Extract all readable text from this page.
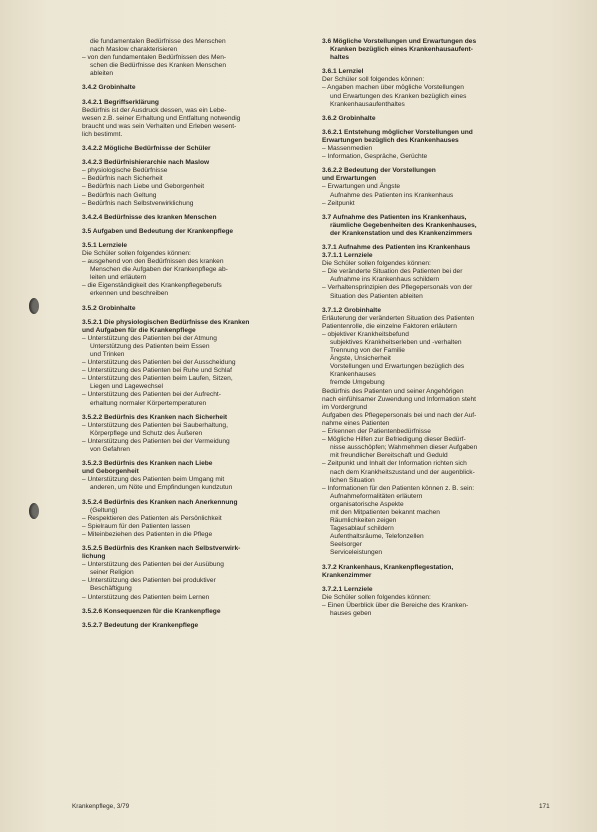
die fundamentalen Bedürfnisse des Menschen

nach Maslow charakterisieren

– von den fundamentalen Bedürfnissen des Men-

schen die Bedürfnisse des Kranken Menschen

ableiten

3.4.2 Grobinhalte

3.4.2.1 Begriffserklärung

Bedürfnis ist der Ausdruck dessen, was ein Lebe-

wesen z.B. seiner Erhaltung und Entfaltung notwendig

braucht und was sein Verhalten und Erleben wesent-

lich bestimmt.

3.4.2.2 Mögliche Bedürfnisse der Schüler

3.4.2.3 Bedürfnishierarchie nach Maslow

– physiologische Bedürfnisse

– Bedürfnis nach Sicherheit

– Bedürfnis nach Liebe und Geborgenheit

– Bedürfnis nach Geltung

– Bedürfnis nach Selbstverwirklichung

3.4.2.4 Bedürfnisse des kranken Menschen

3.5 Aufgaben und Bedeutung der Krankenpflege

3.5.1 Lernziele

Die Schüler sollen folgendes können:

– ausgehend von den Bedürfnissen des kranken

Menschen die Aufgaben der Krankenpflege ab-

leiten und erläutern

– die Eigenständigkeit des Krankenpflegeberufs

erkennen und beschreiben

3.5.2 Grobinhalte

3.5.2.1 Die physiologischen Bedürfnisse des Kranken

und Aufgaben für die Krankenpflege

– Unterstützung des Patienten bei der Atmung

Unterstützung des Patienten beim Essen

und Trinken

– Unterstützung des Patienten bei der Ausscheidung

– Unterstützung des Patienten bei Ruhe und Schlaf

– Unterstützung des Patienten beim Laufen, Sitzen,

Liegen und Lagewechsel

– Unterstützung des Patienten bei der Aufrecht-

erhaltung normaler Körpertemperaturen

3.5.2.2 Bedürfnis des Kranken nach Sicherheit

– Unterstützung des Patienten bei Sauberhaltung,

Körperpflege und Schutz des Äußeren

– Unterstützung des Patienten bei der Vermeidung

von Gefahren

3.5.2.3 Bedürfnis des Kranken nach Liebe

und Geborgenheit

– Unterstützung des Patienten beim Umgang mit

anderen, um Nöte und Empfindungen kundzutun

3.5.2.4 Bedürfnis des Kranken nach Anerkennung

(Geltung)

– Respektieren des Patienten als Persönlichkeit

– Spielraum für den Patienten lassen

– Miteinbeziehen des Patienten in die Pflege

3.5.2.5 Bedürfnis des Kranken nach Selbstverwirk-

lichung

– Unterstützung des Patienten bei der Ausübung

seiner Religion

– Unterstützung des Patienten bei produktiver

Beschäftigung

– Unterstützung des Patienten beim Lernen

3.5.2.6 Konsequenzen für die Krankenpflege

3.5.2.7 Bedeutung der Krankenpflege

3.6 Mögliche Vorstellungen und Erwartungen des

Kranken bezüglich eines Krankenhausaufent-

haltes

3.6.1 Lernziel

Der Schüler soll folgendes können:

– Angaben machen über mögliche Vorstellungen

und Erwartungen des Kranken bezüglich eines

Krankenhausaufenthaltes

3.6.2 Grobinhalte

3.6.2.1 Entstehung möglicher Vorstellungen und

Erwartungen bezüglich des Krankenhauses

– Massenmedien

– Information, Gespräche, Gerüchte

3.6.2.2 Bedeutung der Vorstellungen

und Erwartungen

– Erwartungen und Ängste

Aufnahme des Patienten ins Krankenhaus

– Zeitpunkt

3.7 Aufnahme des Patienten ins Krankenhaus,

räumliche Gegebenheiten des Krankenhauses,

der Krankenstation und des Krankenzimmers

3.7.1 Aufnahme des Patienten ins Krankenhaus

3.7.1.1 Lernziele

Die Schüler sollen folgendes können:

– Die veränderte Situation des Patienten bei der

Aufnahme ins Krankenhaus schildern

– Verhaltensprinzipien des Pflegepersonals von der

Situation des Patienten ableiten

3.7.1.2 Grobinhalte

Erläuterung der veränderten Situation des Patienten

Patientenrolle, die einzelne Faktoren erläutern

– objektiver Krankheitsbefund

subjektives Krankheitserleben und -verhalten

Trennung von der Familie

Ängste, Unsicherheit

Vorstellungen und Erwartungen bezüglich des

Krankenhauses

fremde Umgebung

Bedürfnis des Patienten und seiner Angehörigen

nach einfühlsamer Zuwendung und Information steht

im Vordergrund

Aufgaben des Pflegepersonals bei und nach der Auf-

nahme eines Patienten

– Erkennen der Patientenbedürfnisse

– Mögliche Hilfen zur Befriedigung dieser Bedürf-

nisse ausschöpfen; Wahrnehmen dieser Aufgaben

mit freundlicher Bereitschaft und Geduld

– Zeitpunkt und Inhalt der Information richten sich

nach dem Krankheitszustand und der augenblick-

lichen Situation

– Informationen für den Patienten können z. B. sein:

Aufnahmeformalitäten erläutern

organisatorische Aspekte

mit den Mitpatienten bekannt machen

Räumlichkeiten zeigen

Tagesablauf schildern

Aufenthaltsräume, Telefonzellen

Seelsorger

Serviceleistungen

3.7.2 Krankenhaus, Krankenpflegestation,

Krankenzimmer

3.7.2.1 Lernziele

Die Schüler sollen folgendes können:

– Einen Überblick über die Bereiche des Kranken-

hauses geben

Krankenpflege, 3/79	171
